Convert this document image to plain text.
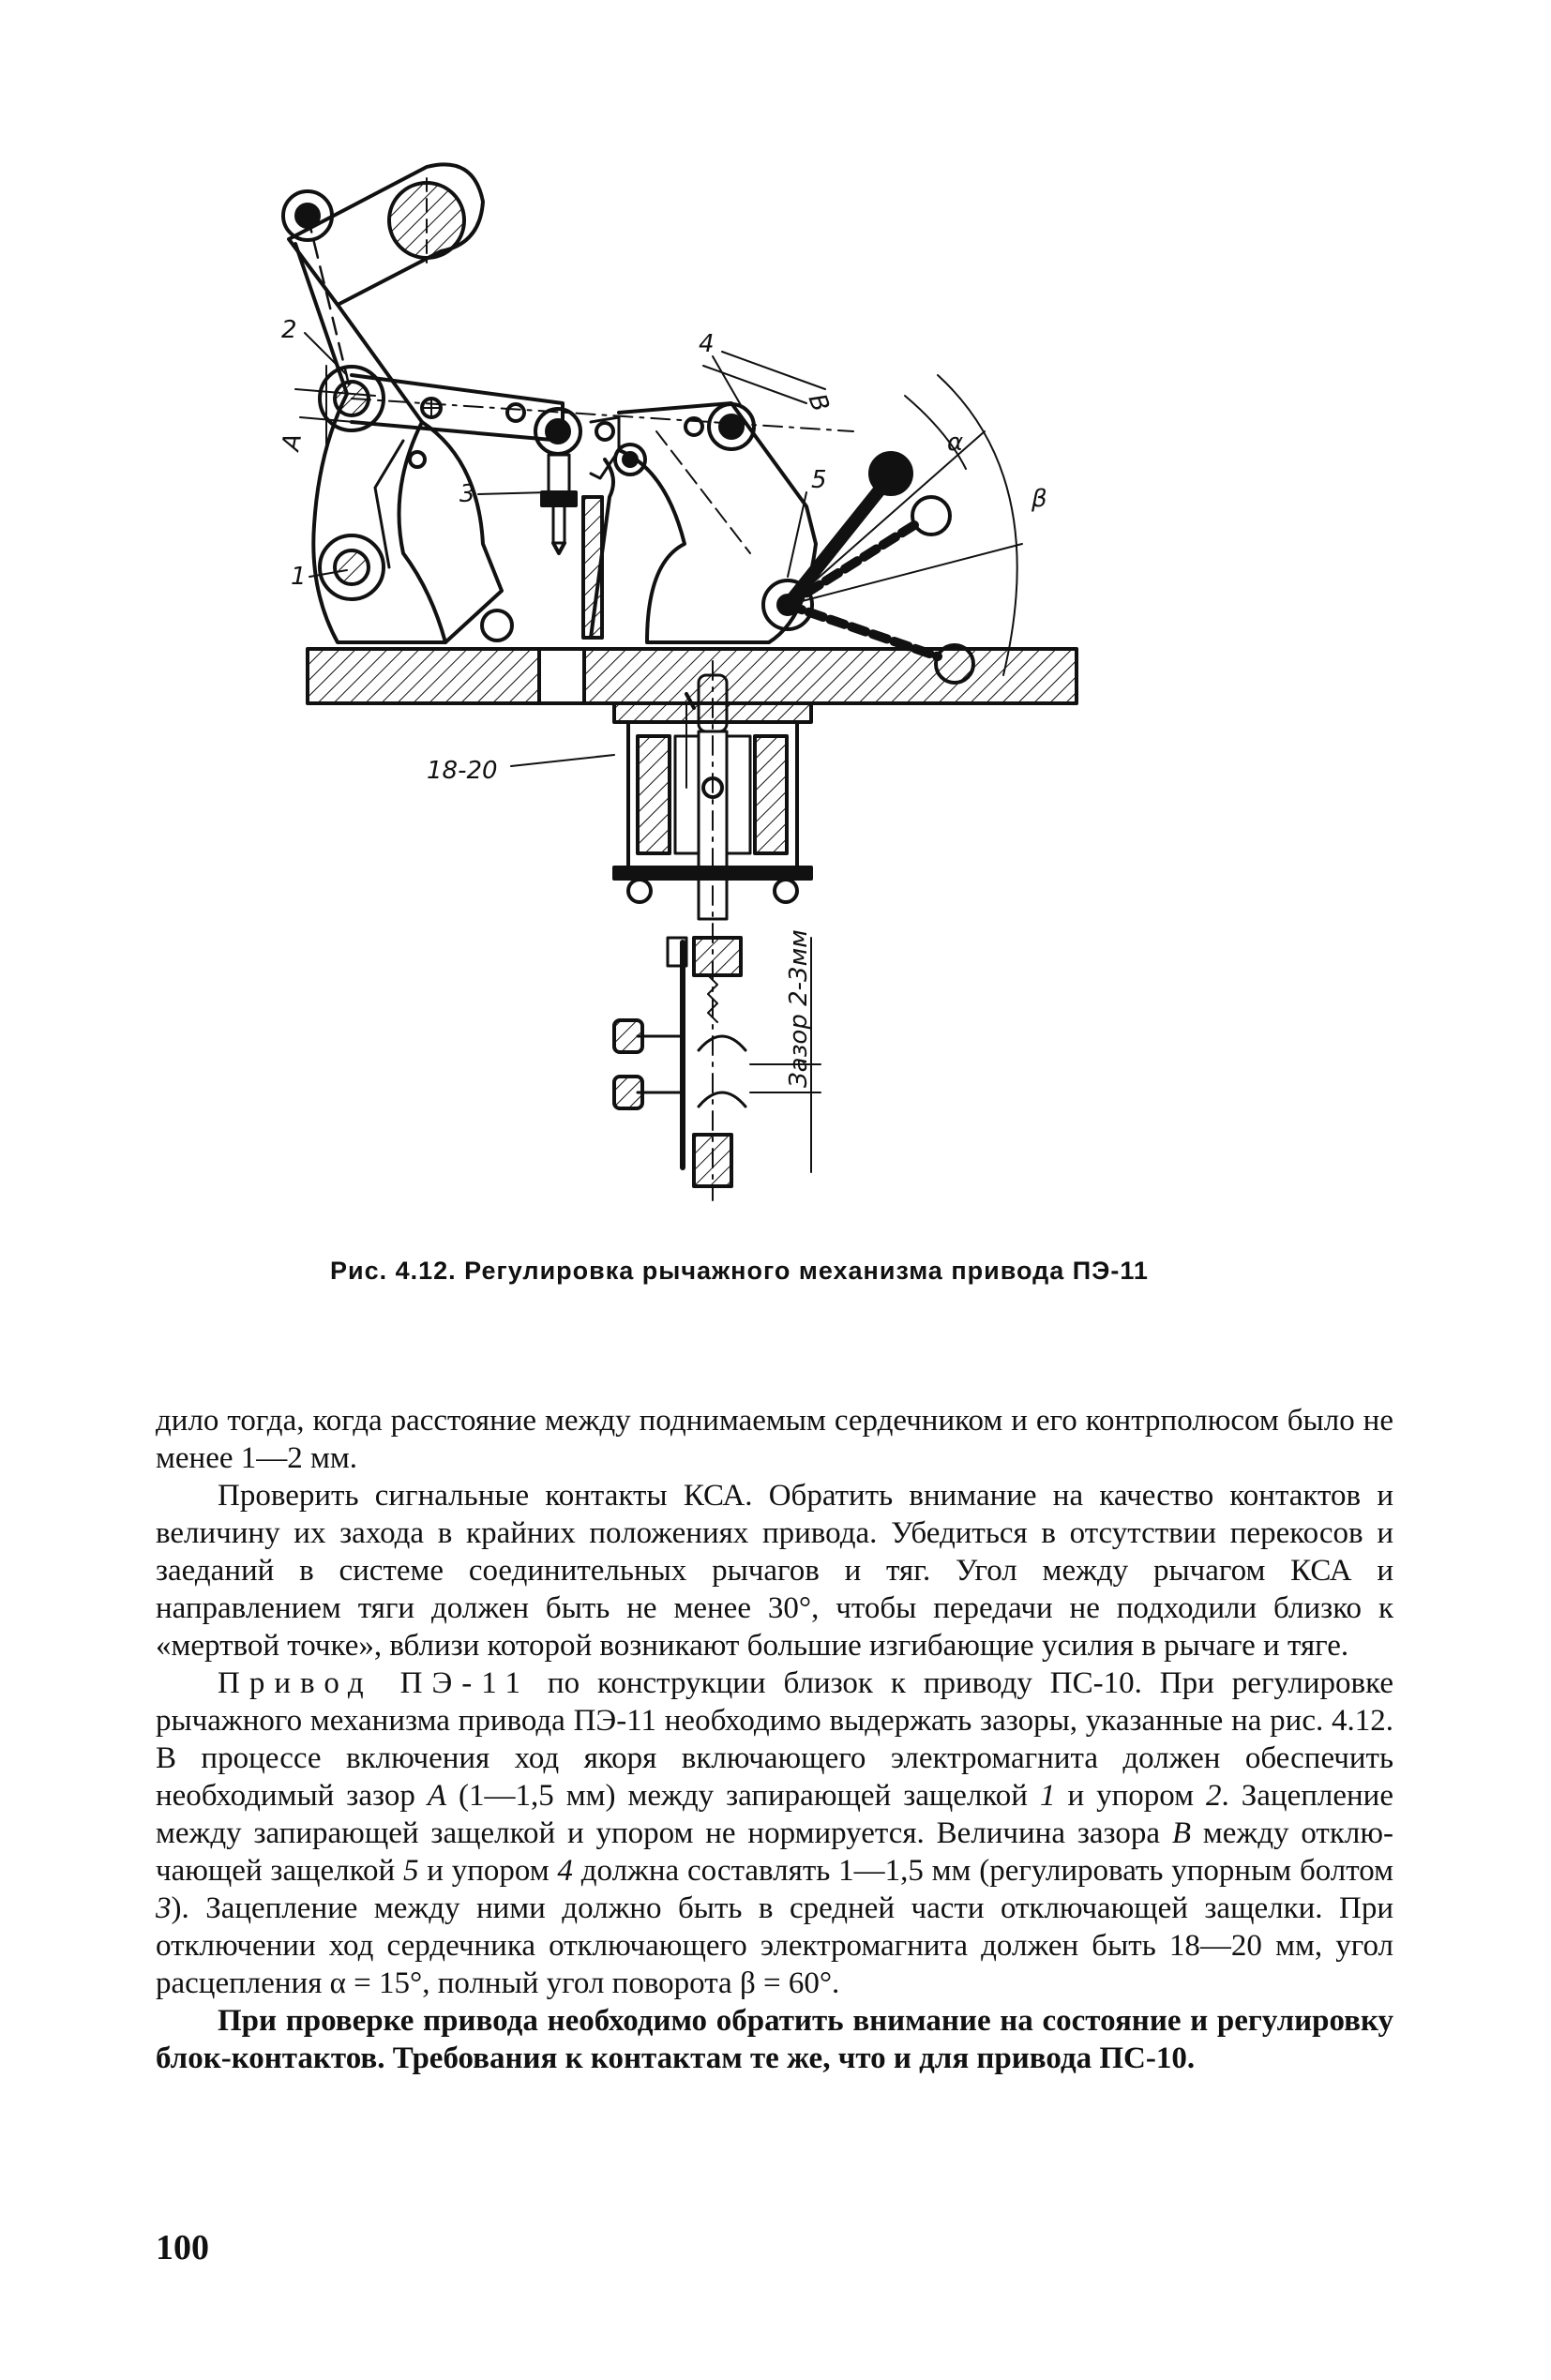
2
1
3
4
5
А
В
α
β
18-20
Зазор 2-3мм
Рис. 4.12. Регулировка рычажного механизма привода ПЭ-11

дило тогда, когда расстояние между поднимаемым сердечником и его контрполюсом было не менее 1—2 мм.

Проверить сигнальные контакты КСА. Обратить внимание на качество контактов и величину их захода в крайних положениях привода. Убедиться в отсутствии перекосов и заеданий в системе соединительных рычагов и тяг. Угол между рычагом КСА и направлением тяги должен быть не менее 30°, чтобы передачи не подходили близко к «мертвой точке», вблизи которой возникают большие изгибающие усилия в рычаге и тяге.

Привод ПЭ-11 по конструкции близок к приводу ПС-10. При регулировке рычажного механизма привода ПЭ-11 необходимо выдержать зазоры, указанные на рис. 4.12. В процессе включения ход якоря включающего электромагнита должен обеспечить необходимый зазор А (1—1,5 мм) между запирающей защелкой 1 и упором 2. Зацепление между запирающей защелкой и упором не нормируется. Величина зазора В между отключающей защелкой 5 и упором 4 должна составлять 1—1,5 мм (регулировать упорным болтом 3). Зацепление между ними должно быть в средней части отключающей защелки. При отключении ход сердечника отключающего электромагнита должен быть 18—20 мм, угол расцепления α = 15°, полный угол поворота β = 60°.

При проверке привода необходимо обратить внимание на состояние и регулировку блок-контактов. Требования к контактам те же, что и для привода ПС-10.

100
